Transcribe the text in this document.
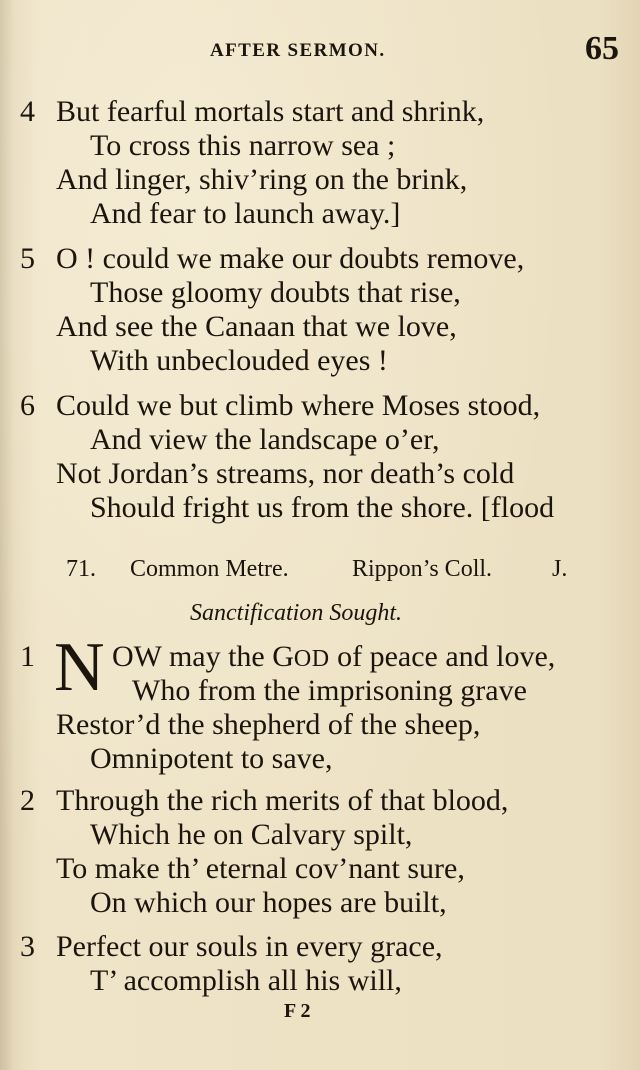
AFTER SERMON.	65
4 But fearful mortals start and shrink,
To cross this narrow sea ;
And linger, shiv’ring on the brink,
And fear to launch away.]
5 O ! could we make our doubts remove,
Those gloomy doubts that rise,
And see the Canaan that we love,
With unbeclouded eyes !
6 Could we but climb where Moses stood,
And view the landscape o’er,
Not Jordan’s streams, nor death’s cold
Should fright us from the shore. [flood
71. Common Metre.	Rippon’s Coll. J.
Sanctification Sought.
1 N OW may the GOD of peace and love,
Who from the imprisoning grave
Restor’d the shepherd of the sheep,
Omnipotent to save,
2 Through the rich merits of that blood,
Which he on Calvary spilt,
To make th’ eternal cov’nant sure,
On which our hopes are built,
3 Perfect our souls in every grace,
T’ accomplish all his will,
F 2
